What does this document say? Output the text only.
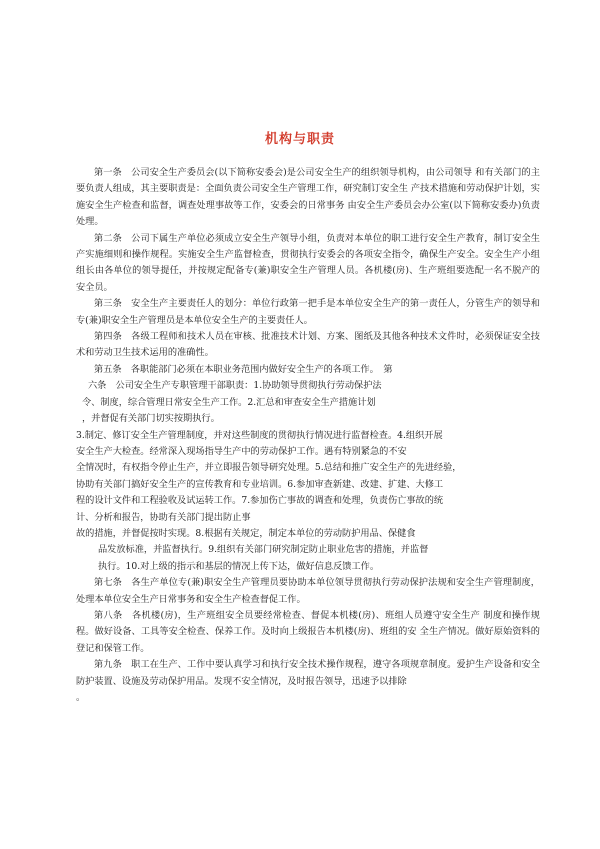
机构与职责

第一条　公司安全生产委员会(以下简称安委会)是公司安全生产的组织领导机构，由公司领导 和有关部门的主要负责人组成，其主要职责是：全面负责公司安全生产管理工作，研究制订安全生 产技术措施和劳动保护计划，实施安全生产检查和监督，调查处理事故等工作，安委会的日常事务 由安全生产委员会办公室(以下简称安委办)负责处理。

第二条　公司下属生产单位必须成立安全生产领导小组，负责对本单位的职工进行安全生产教育，制订安全生产实施细则和操作规程。实施安全生产监督检查，贯彻执行安委会的各项安全指令，确保生产安全。安全生产小组组长由各单位的领导提任，并按规定配备专(兼)职安全生产管理人员。各机楼(房)、生产班组要选配一名不脱产的安全员。

第三条　安全生产主要责任人的划分：单位行政第一把手是本单位安全生产的第一责任人，分管生产的领导和专(兼)职安全生产管理员是本单位安全生产的主要责任人。

第四条　各级工程师和技术人员在审核、批准技术计划、方案、图纸及其他各种技术文件时，必须保证安全技术和劳动卫生技术运用的准确性。

第五条　各职能部门必须在本职业务范围内做好安全生产的各项工作。　第

六条　公司安全生产专职管理干部职责：1.协助领导贯彻执行劳动保护法

令、制度，综合管理日常安全生产工作。2.汇总和审查安全生产措施计划

，并督促有关部门切实按期执行。

3.制定、修订安全生产管理制度，并对这些制度的贯彻执行情况进行监督检查。4.组织开展

安全生产大检查。经常深入现场指导生产中的劳动保护工作。遇有特别紧急的不安

全情况时，有权指令停止生产，并立即报告领导研究处理。5.总结和推广安全生产的先进经验，

协助有关部门搞好安全生产的宣传教育和专业培训。6.参加审查新建、改建、扩建、大修工

程的设计文件和工程验收及试运转工作。7.参加伤亡事故的调查和处理，负责伤亡事故的统

计、分析和报告，协助有关部门提出防止事

故的措施，并督促按时实现。8.根据有关规定，制定本单位的劳动防护用品、保健食

品发放标准，并监督执行。9.组织有关部门研究制定防止职业危害的措施，并监督

执行。10.对上级的指示和基层的情况上传下达，做好信息反馈工作。

第七条　各生产单位专(兼)职安全生产管理员要协助本单位领导贯彻执行劳动保护法规和安全生产管理制度，处理本单位安全生产日常事务和安全生产检查督促工作。

第八条　各机楼(房)，生产班组安全员要经常检查、督促本机楼(房)、班组人员遵守安全生产 制度和操作规程。做好设备、工具等安全检查、保养工作。及时向上级报告本机楼(房)、班组的安 全生产情况。做好原始资料的登记和保管工作。

第九条　职工在生产、工作中要认真学习和执行安全技术操作规程，遵守各项规章制度。爱护生产设备和安全防护装置、设施及劳动保护用品。发现不安全情况，及时报告领导，迅速予以排除

。
